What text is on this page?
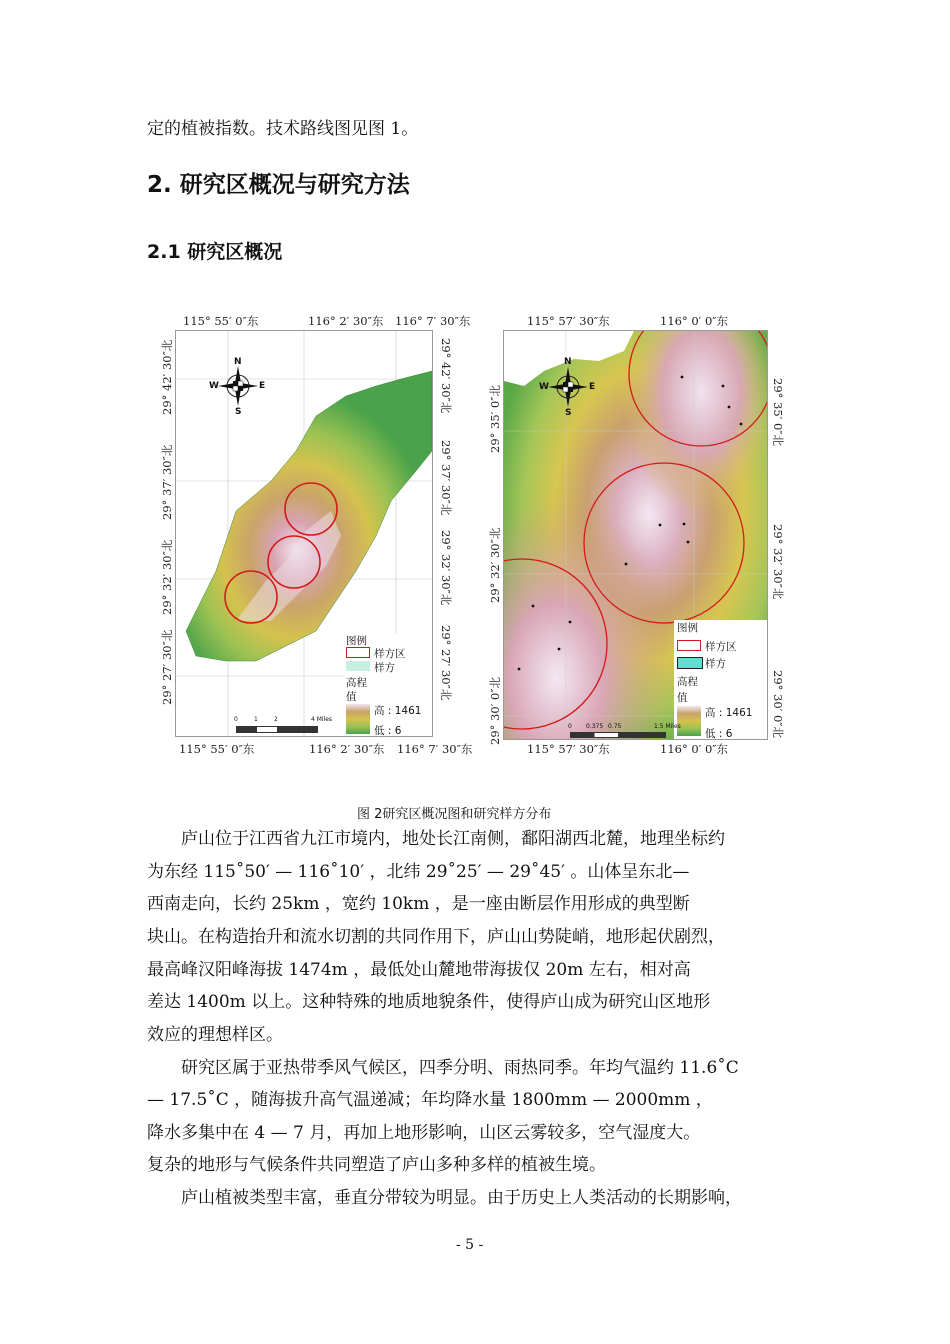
定的植被指数。技术路线图见图 1。
2. 研究区概况与研究方法
2.1 研究区概况
115° 55′ 0″东	116° 2′ 30″东 116° 7′ 30″东
115° 55′ 0″东	116° 2′ 30″东 116° 7′ 30″东
29° 42′ 30″北
29° 37′ 30″北
29° 32′ 30″北
29° 27′ 30″北
29° 42′ 30″北
29° 37′ 30″北
29° 32′ 30″北
29° 27′ 30″北
N
S
W	E
图例
样方区
样方
高程
值
高 : 1461
低 : 6
0	1	2	4 Miles
115° 57′ 30″东	116° 0′ 0″东
115° 57′ 30″东	116° 0′ 0″东
29° 35′ 0″北
29° 32′ 30″北
29° 30′ 0″北
29° 35′ 0″北
29° 32′ 30″北
29° 30′ 0″北
N
S
W	E
图例
样方区
样方
高程
值
高 : 1461
低 : 6
0 0.375 0.75	1.5 Miles
图 2研究区概况图和研究样方分布
庐山位于江西省九江市境内，地处长江南侧，鄱阳湖西北麓，地理坐标约
为东经 115˚50′ — 116˚10′ ，北纬 29˚25′ — 29˚45′ 。山体呈东北—
西南走向，长约 25km ，宽约 10km ，是一座由断层作用形成的典型断
块山。在构造抬升和流水切割的共同作用下，庐山山势陡峭，地形起伏剧烈，
最高峰汉阳峰海拔 1474m ，最低处山麓地带海拔仅 20m 左右，相对高
差达 1400m 以上。这种特殊的地质地貌条件，使得庐山成为研究山区地形
效应的理想样区。
研究区属于亚热带季风气候区，四季分明、雨热同季。年均气温约 11.6˚C
— 17.5˚C ，随海拔升高气温递减；年均降水量 1800mm — 2000mm ，
降水多集中在 4 — 7 月，再加上地形影响，山区云雾较多，空气湿度大。
复杂的地形与气候条件共同塑造了庐山多种多样的植被生境。
庐山植被类型丰富，垂直分带较为明显。由于历史上人类活动的长期影响，
- 5 -
